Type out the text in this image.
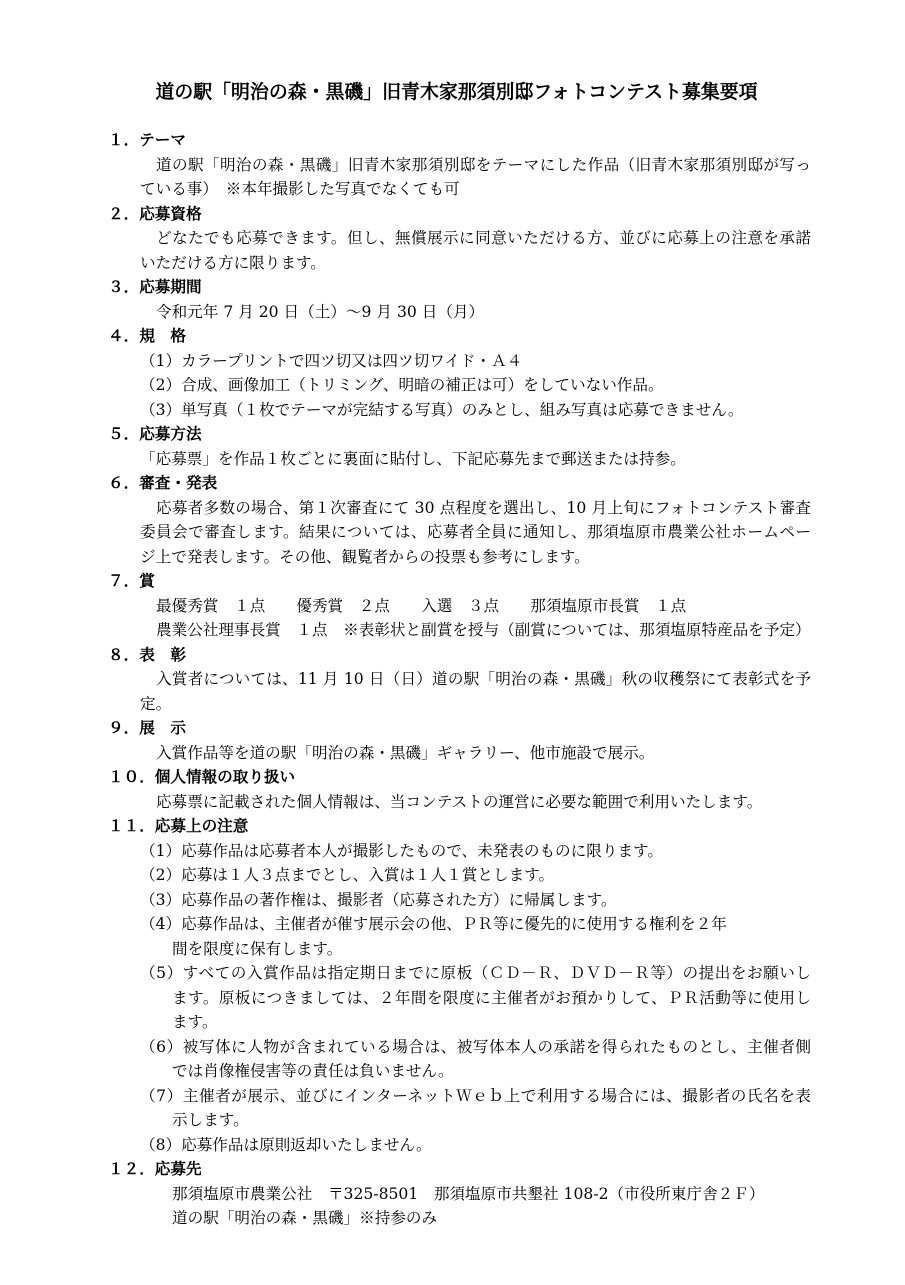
道の駅「明治の森・黒磯」旧青木家那須別邸フォトコンテスト募集要項
１．テーマ
道の駅「明治の森・黒磯」旧青木家那須別邸をテーマにした作品（旧青木家那須別邸が写っ
ている事）　※本年撮影した写真でなくても可
２．応募資格
どなたでも応募できます。但し、無償展示に同意いただける方、並びに応募上の注意を承諾
いただける方に限ります。
３．応募期間
令和元年 7 月 20 日（土）～9 月 30 日（月）
４．規　格
（1）カラープリントで四ツ切又は四ツ切ワイド・Ａ４
（2）合成、画像加工（トリミング、明暗の補正は可）をしていない作品。
（3）単写真（１枚でテーマが完結する写真）のみとし、組み写真は応募できません。
５．応募方法
「応募票」を作品１枚ごとに裏面に貼付し、下記応募先まで郵送または持参。
６．審査・発表
応募者多数の場合、第１次審査にて 30 点程度を選出し、10 月上旬にフォトコンテスト審査
委員会で審査します。結果については、応募者全員に通知し、那須塩原市農業公社ホームペー
ジ上で発表します。その他、観覧者からの投票も参考にします。
７．賞
最優秀賞　１点　　優秀賞　２点　　入選　３点　　那須塩原市長賞　１点
農業公社理事長賞　１点　※表彰状と副賞を授与（副賞については、那須塩原特産品を予定）
８．表　彰
入賞者については、11 月 10 日（日）道の駅「明治の森・黒磯」秋の収穫祭にて表彰式を予
定。
９．展　示
入賞作品等を道の駅「明治の森・黒磯」ギャラリー、他市施設で展示。
１０．個人情報の取り扱い
応募票に記載された個人情報は、当コンテストの運営に必要な範囲で利用いたします。
１１．応募上の注意
（1）応募作品は応募者本人が撮影したもので、未発表のものに限ります。
（2）応募は１人３点までとし、入賞は１人１賞とします。
（3）応募作品の著作権は、撮影者（応募された方）に帰属します。
（4）応募作品は、主催者が催す展示会の他、ＰＲ等に優先的に使用する権利を２年
間を限度に保有します。
（5）すべての入賞作品は指定期日までに原板（ＣＤ－Ｒ、ＤＶＤ－Ｒ等）の提出をお願いし
ます。原板につきましては、２年間を限度に主催者がお預かりして、ＰＲ活動等に使用し
ます。
（6）被写体に人物が含まれている場合は、被写体本人の承諾を得られたものとし、主催者側
では肖像権侵害等の責任は負いません。
（7）主催者が展示、並びにインターネットＷｅｂ上で利用する場合には、撮影者の氏名を表
示します。
（8）応募作品は原則返却いたしません。
１２．応募先
那須塩原市農業公社　〒325-8501　那須塩原市共墾社 108-2（市役所東庁舎２Ｆ）
道の駅「明治の森・黒磯」※持参のみ
